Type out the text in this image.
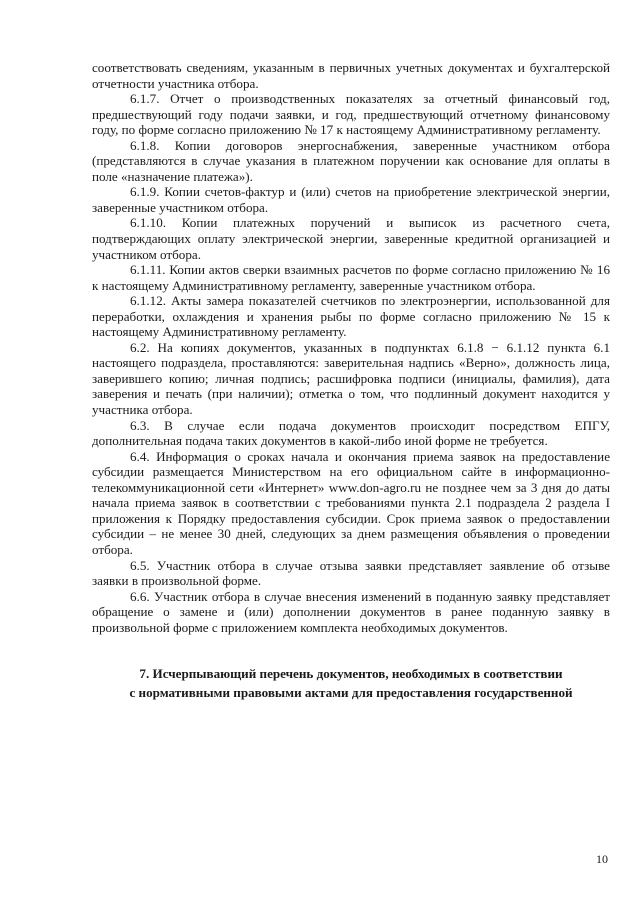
соответствовать сведениям, указанным в первичных учетных документах и бухгалтерской отчетности участника отбора.

6.1.7. Отчет о производственных показателях за отчетный финансовый год, предшествующий году подачи заявки, и год, предшествующий отчетному финансовому году, по форме согласно приложению № 17 к настоящему Административному регламенту.

6.1.8. Копии договоров энергоснабжения, заверенные участником отбора (представляются в случае указания в платежном поручении как основание для оплаты в поле «назначение платежа»).

6.1.9. Копии счетов-фактур и (или) счетов на приобретение электрической энергии, заверенные участником отбора.

6.1.10. Копии платежных поручений и выписок из расчетного счета, подтверждающих оплату электрической энергии, заверенные кредитной организацией и участником отбора.

6.1.11. Копии актов сверки взаимных расчетов по форме согласно приложению № 16 к настоящему Административному регламенту, заверенные участником отбора.

6.1.12. Акты замера показателей счетчиков по электроэнергии, использованной для переработки, охлаждения и хранения рыбы по форме согласно приложению № 15 к настоящему Административному регламенту.

6.2. На копиях документов, указанных в подпунктах 6.1.8 − 6.1.12 пункта 6.1 настоящего подраздела, проставляются: заверительная надпись «Верно», должность лица, заверившего копию; личная подпись; расшифровка подписи (инициалы, фамилия), дата заверения и печать (при наличии); отметка о том, что подлинный документ находится у участника отбора.

6.3. В случае если подача документов происходит посредством ЕПГУ, дополнительная подача таких документов в какой-либо иной форме не требуется.

6.4. Информация о сроках начала и окончания приема заявок на предоставление субсидии размещается Министерством на его официальном сайте в информационно-телекоммуникационной сети «Интернет» www.don-agro.ru не позднее чем за 3 дня до даты начала приема заявок в соответствии с требованиями пункта 2.1 подраздела 2 раздела I приложения к Порядку предоставления субсидии. Срок приема заявок о предоставлении субсидии – не менее 30 дней, следующих за днем размещения объявления о проведении отбора.

6.5. Участник отбора в случае отзыва заявки представляет заявление об отзыве заявки в произвольной форме.

6.6. Участник отбора в случае внесения изменений в поданную заявку представляет обращение о замене и (или) дополнении документов в ранее поданную заявку в произвольной форме с приложением комплекта необходимых документов.

7. Исчерпывающий перечень документов, необходимых в соответствии
с нормативными правовыми актами для предоставления государственной
10
